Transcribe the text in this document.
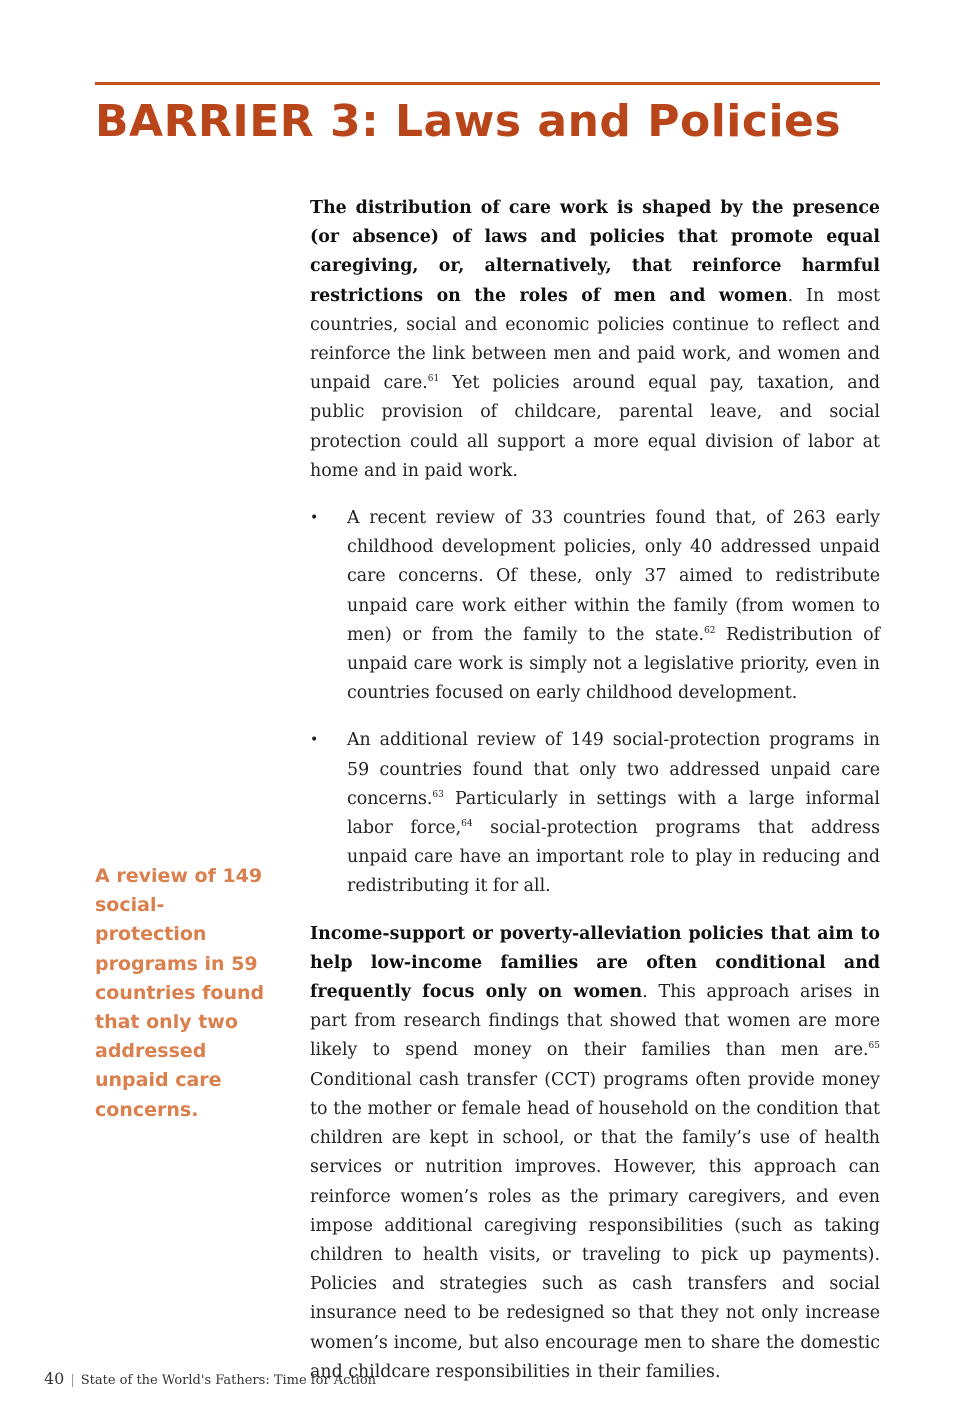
BARRIER 3: Laws and Policies

The distribution of care work is shaped by the presence (or absence) of laws and policies that promote equal caregiving, or, alternatively, that reinforce harmful restrictions on the roles of men and women. In most countries, social and economic policies continue to reflect and reinforce the link between men and paid work, and women and unpaid care.$^{61}$ Yet policies around equal pay, taxation, and public provision of childcare, parental leave, and social protection could all support a more equal division of labor at home and in paid work.

• A recent review of 33 countries found that, of 263 early childhood development policies, only 40 addressed unpaid care concerns. Of these, only 37 aimed to redistribute unpaid care work either within the family (from women to men) or from the family to the state.$^{62}$ Redistribution of unpaid care work is simply not a legislative priority, even in countries focused on early childhood development.
• An additional review of 149 social-protection programs in 59 countries found that only two addressed unpaid care concerns.$^{63}$ Particularly in settings with a large informal labor force,$^{64}$ social-protection programs that address unpaid care have an important role to play in reducing and redistributing it for all.

Income-support or poverty-alleviation policies that aim to help low-income families are often conditional and frequently focus only on women. This approach arises in part from research findings that showed that women are more likely to spend money on their families than men are.$^{65}$ Conditional cash transfer (CCT) programs often provide money to the mother or female head of household on the condition that children are kept in school, or that the family’s use of health services or nutrition improves. However, this approach can reinforce women’s roles as the primary caregivers, and even impose additional caregiving responsibilities (such as taking children to health visits, or traveling to pick up payments). Policies and strategies such as cash transfers and social insurance need to be redesigned so that they not only increase women’s income, but also encourage men to share the domestic and childcare responsibilities in their families.

A review of 149 social-protection programs in 59 countries found that only two addressed unpaid care concerns.
40 | State of the World's Fathers: Time for Action
